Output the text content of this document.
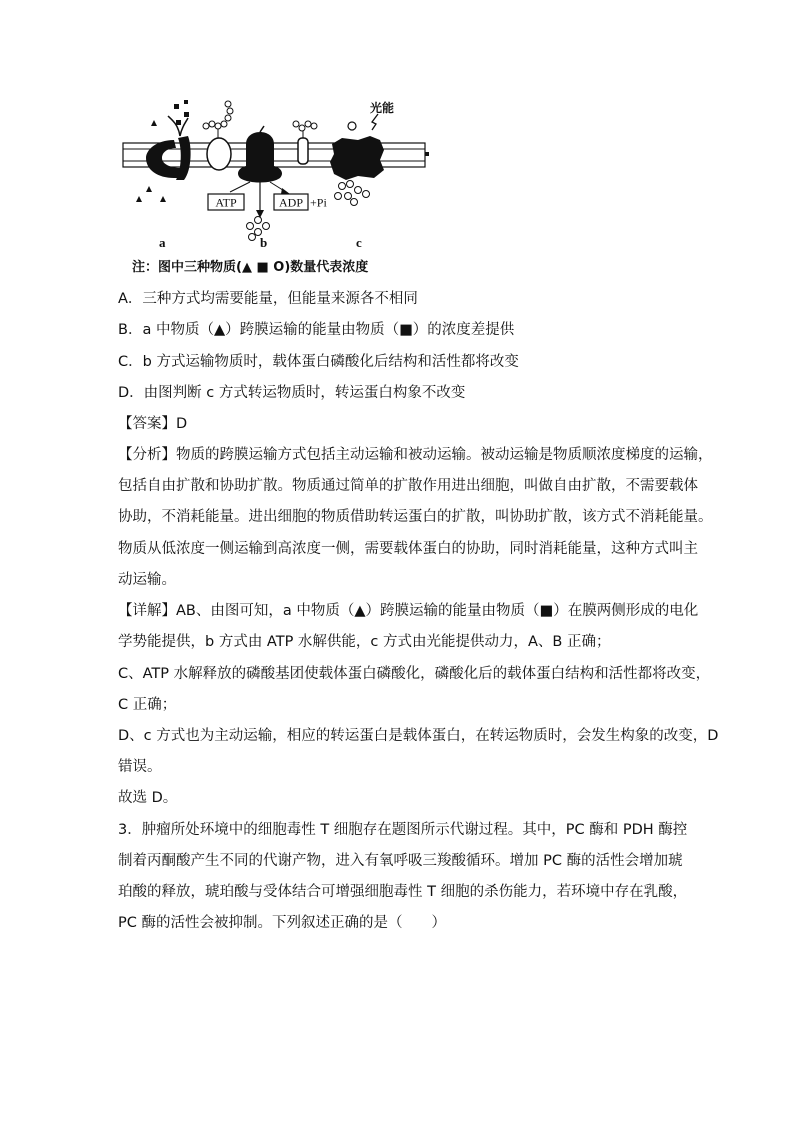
ATP	ADP +Pi
光能
a	b	c
注：图中三种物质(▲ ■ O)数量代表浓度
A．三种方式均需要能量，但能量来源各不相同
B．a 中物质（▲）跨膜运输的能量由物质（■）的浓度差提供
C．b 方式运输物质时，载体蛋白磷酸化后结构和活性都将改变
D．由图判断 c 方式转运物质时，转运蛋白构象不改变
【答案】D
【分析】物质的跨膜运输方式包括主动运输和被动运输。被动运输是物质顺浓度梯度的运输，
包括自由扩散和协助扩散。物质通过简单的扩散作用进出细胞，叫做自由扩散，不需要载体
协助，不消耗能量。进出细胞的物质借助转运蛋白的扩散，叫协助扩散，该方式不消耗能量。
物质从低浓度一侧运输到高浓度一侧，需要载体蛋白的协助，同时消耗能量，这种方式叫主
动运输。
【详解】AB、由图可知，a 中物质（▲）跨膜运输的能量由物质（■）在膜两侧形成的电化
学势能提供，b 方式由 ATP 水解供能，c 方式由光能提供动力，A、B 正确；
C、ATP 水解释放的磷酸基团使载体蛋白磷酸化，磷酸化后的载体蛋白结构和活性都将改变，
C 正确；
D、c 方式也为主动运输，相应的转运蛋白是载体蛋白，在转运物质时，会发生构象的改变，D
错误。
故选 D。
3．肿瘤所处环境中的细胞毒性 T 细胞存在题图所示代谢过程。其中，PC 酶和 PDH 酶控
制着丙酮酸产生不同的代谢产物，进入有氧呼吸三羧酸循环。增加 PC 酶的活性会增加琥
珀酸的释放，琥珀酸与受体结合可增强细胞毒性 T 细胞的杀伤能力，若环境中存在乳酸，
PC 酶的活性会被抑制。下列叙述正确的是（　　）
